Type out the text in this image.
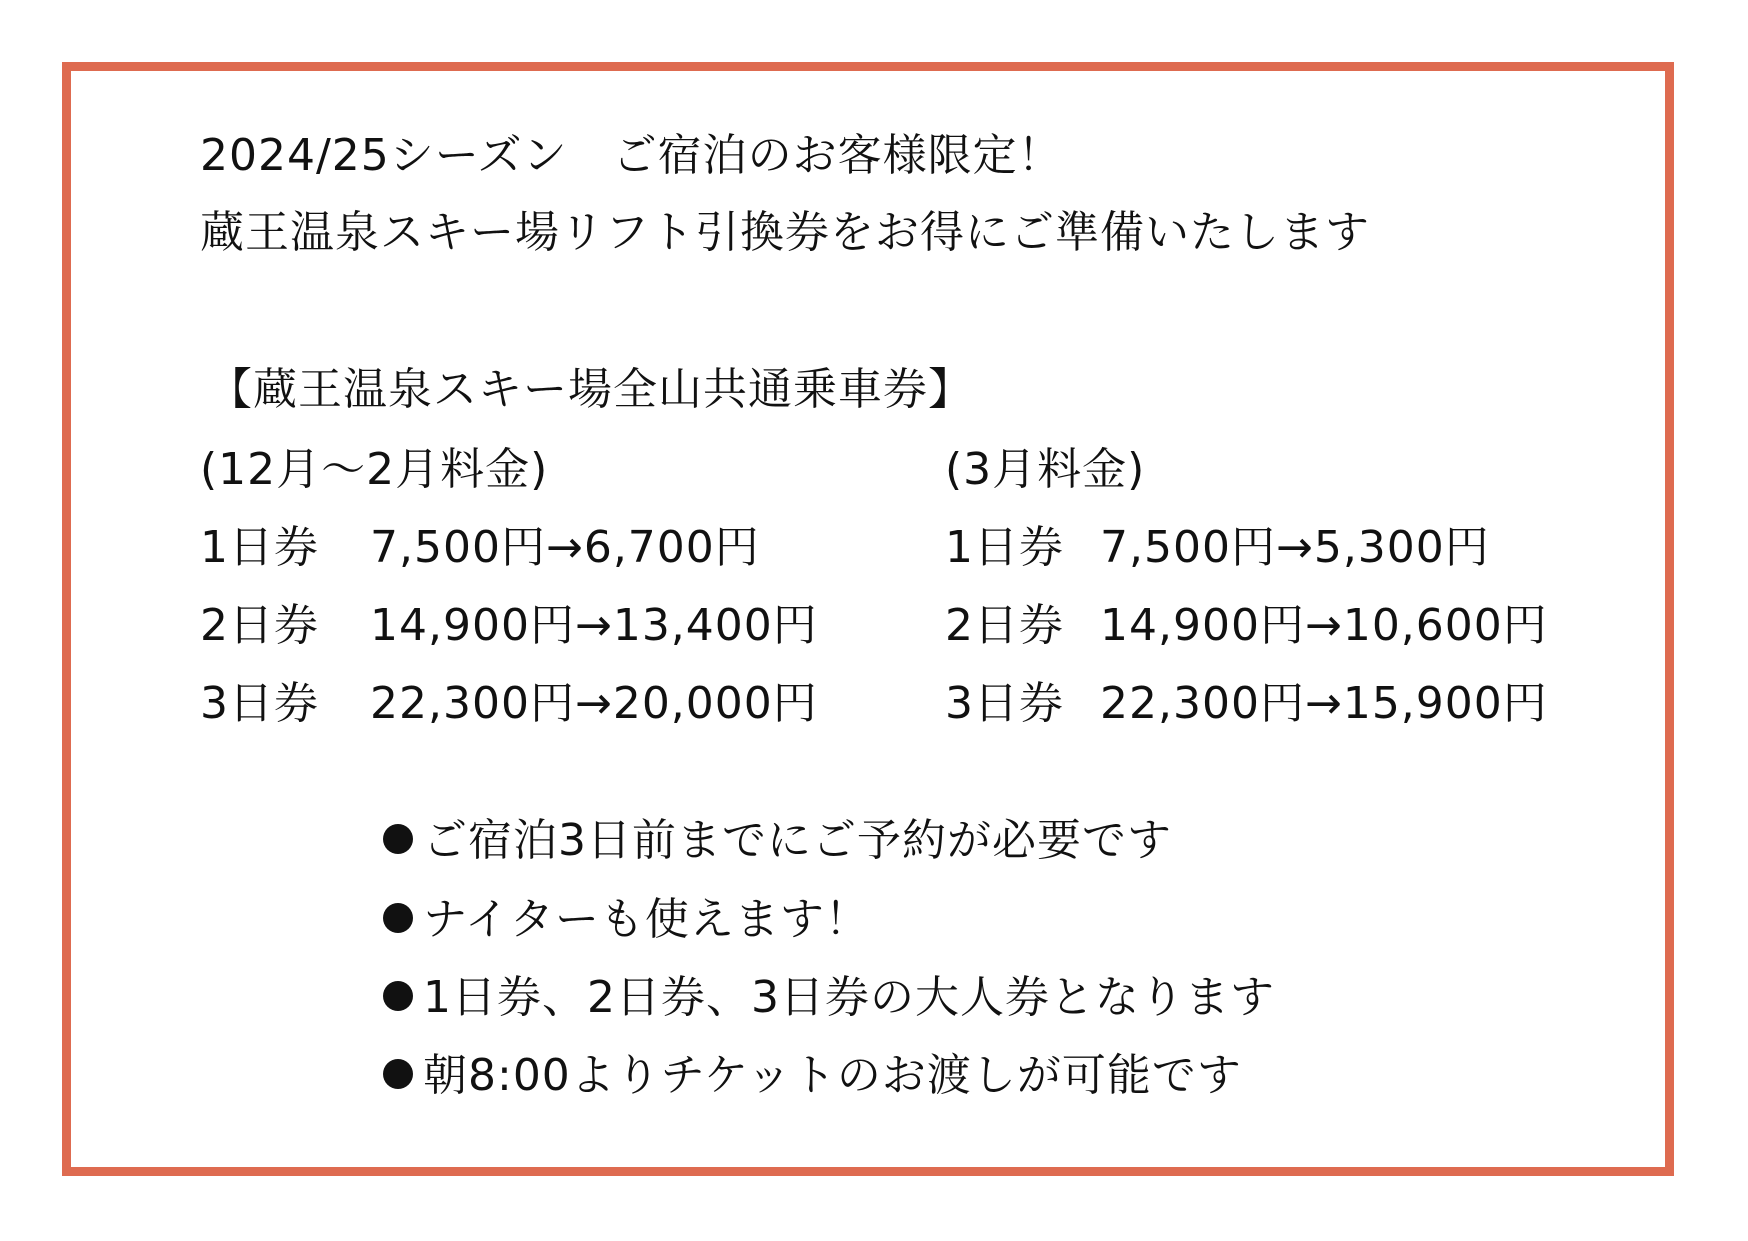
2024/25シーズン　ご宿泊のお客様限定！
蔵王温泉スキー場リフト引換券をお得にご準備いたします
【蔵王温泉スキー場全山共通乗車券】
(12月～2月料金)
1日券 7,500円→6,700円
2日券 14,900円→13,400円
3日券 22,300円→20,000円
(3月料金)
1日券 7,500円→5,300円
2日券 14,900円→10,600円
3日券 22,300円→15,900円
ご宿泊3日前までにご予約が必要です
ナイターも使えます！
1日券、2日券、3日券の大人券となります
朝8:00よりチケットのお渡しが可能です
